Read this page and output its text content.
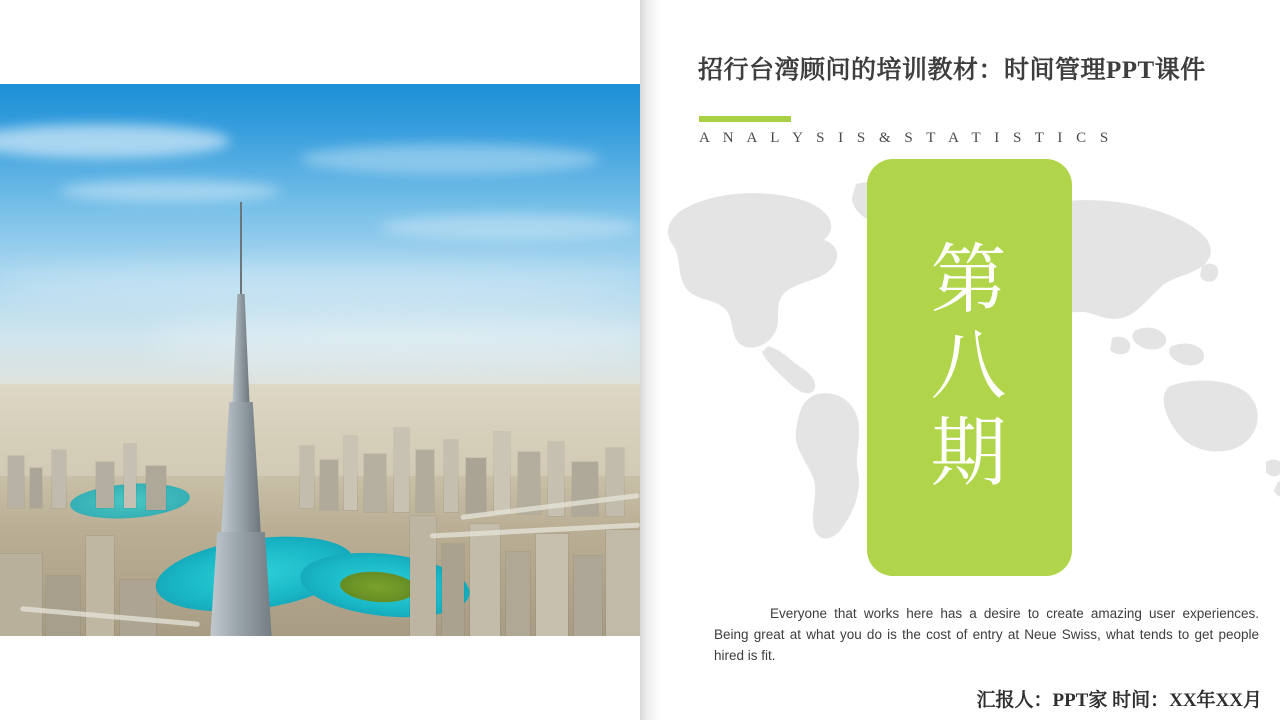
招行台湾顾问的培训教材：时间管理PPT课件
A N A L Y S I S & S T A T I S T I C S
第
八
期
Everyone that works here has a desire to create amazing user experiences. Being great at what you do is the cost of entry at Neue Swiss, what tends to get people hired is fit.
汇报人：PPT家 时间：XX年XX月
